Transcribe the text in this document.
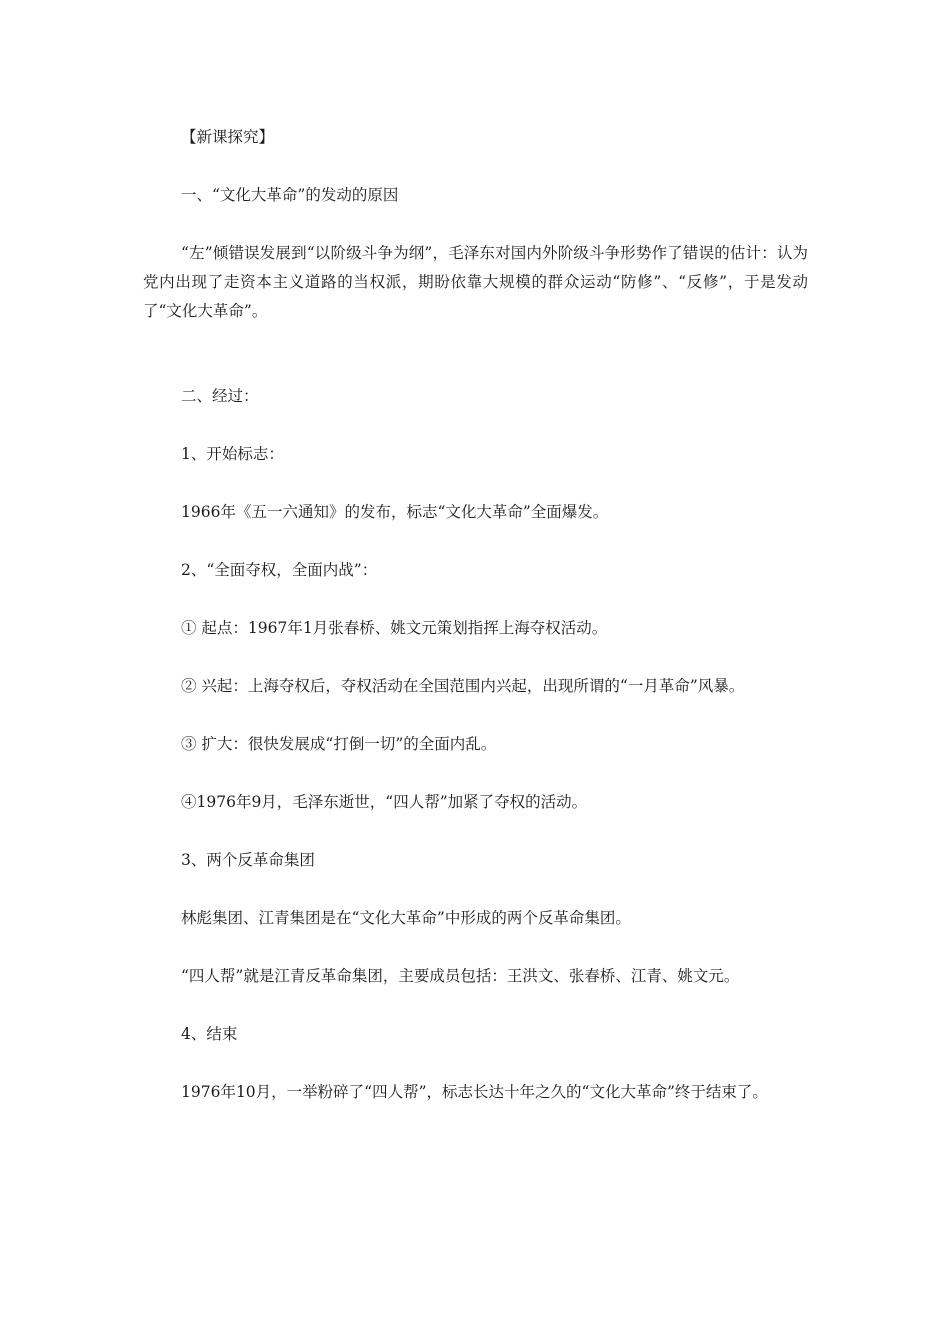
【新课探究】

一、“文化大革命”的发动的原因

“左”倾错误发展到“以阶级斗争为纲”，毛泽东对国内外阶级斗争形势作了错误的估计：认为党内出现了走资本主义道路的当权派，期盼依靠大规模的群众运动“防修”、“反修”，于是发动了“文化大革命”。

二、经过：

1、开始标志：

1966年《五一六通知》的发布，标志“文化大革命”全面爆发。

2、“全面夺权，全面内战”：

① 起点：1967年1月张春桥、姚文元策划指挥上海夺权活动。

② 兴起：上海夺权后，夺权活动在全国范围内兴起，出现所谓的“一月革命”风暴。

③ 扩大：很快发展成“打倒一切”的全面内乱。

④1976年9月，毛泽东逝世，“四人帮”加紧了夺权的活动。

3、两个反革命集团

林彪集团、江青集团是在“文化大革命”中形成的两个反革命集团。

“四人帮”就是江青反革命集团，主要成员包括：王洪文、张春桥、江青、姚文元。

4、结束

1976年10月，一举粉碎了“四人帮”，标志长达十年之久的“文化大革命”终于结束了。
